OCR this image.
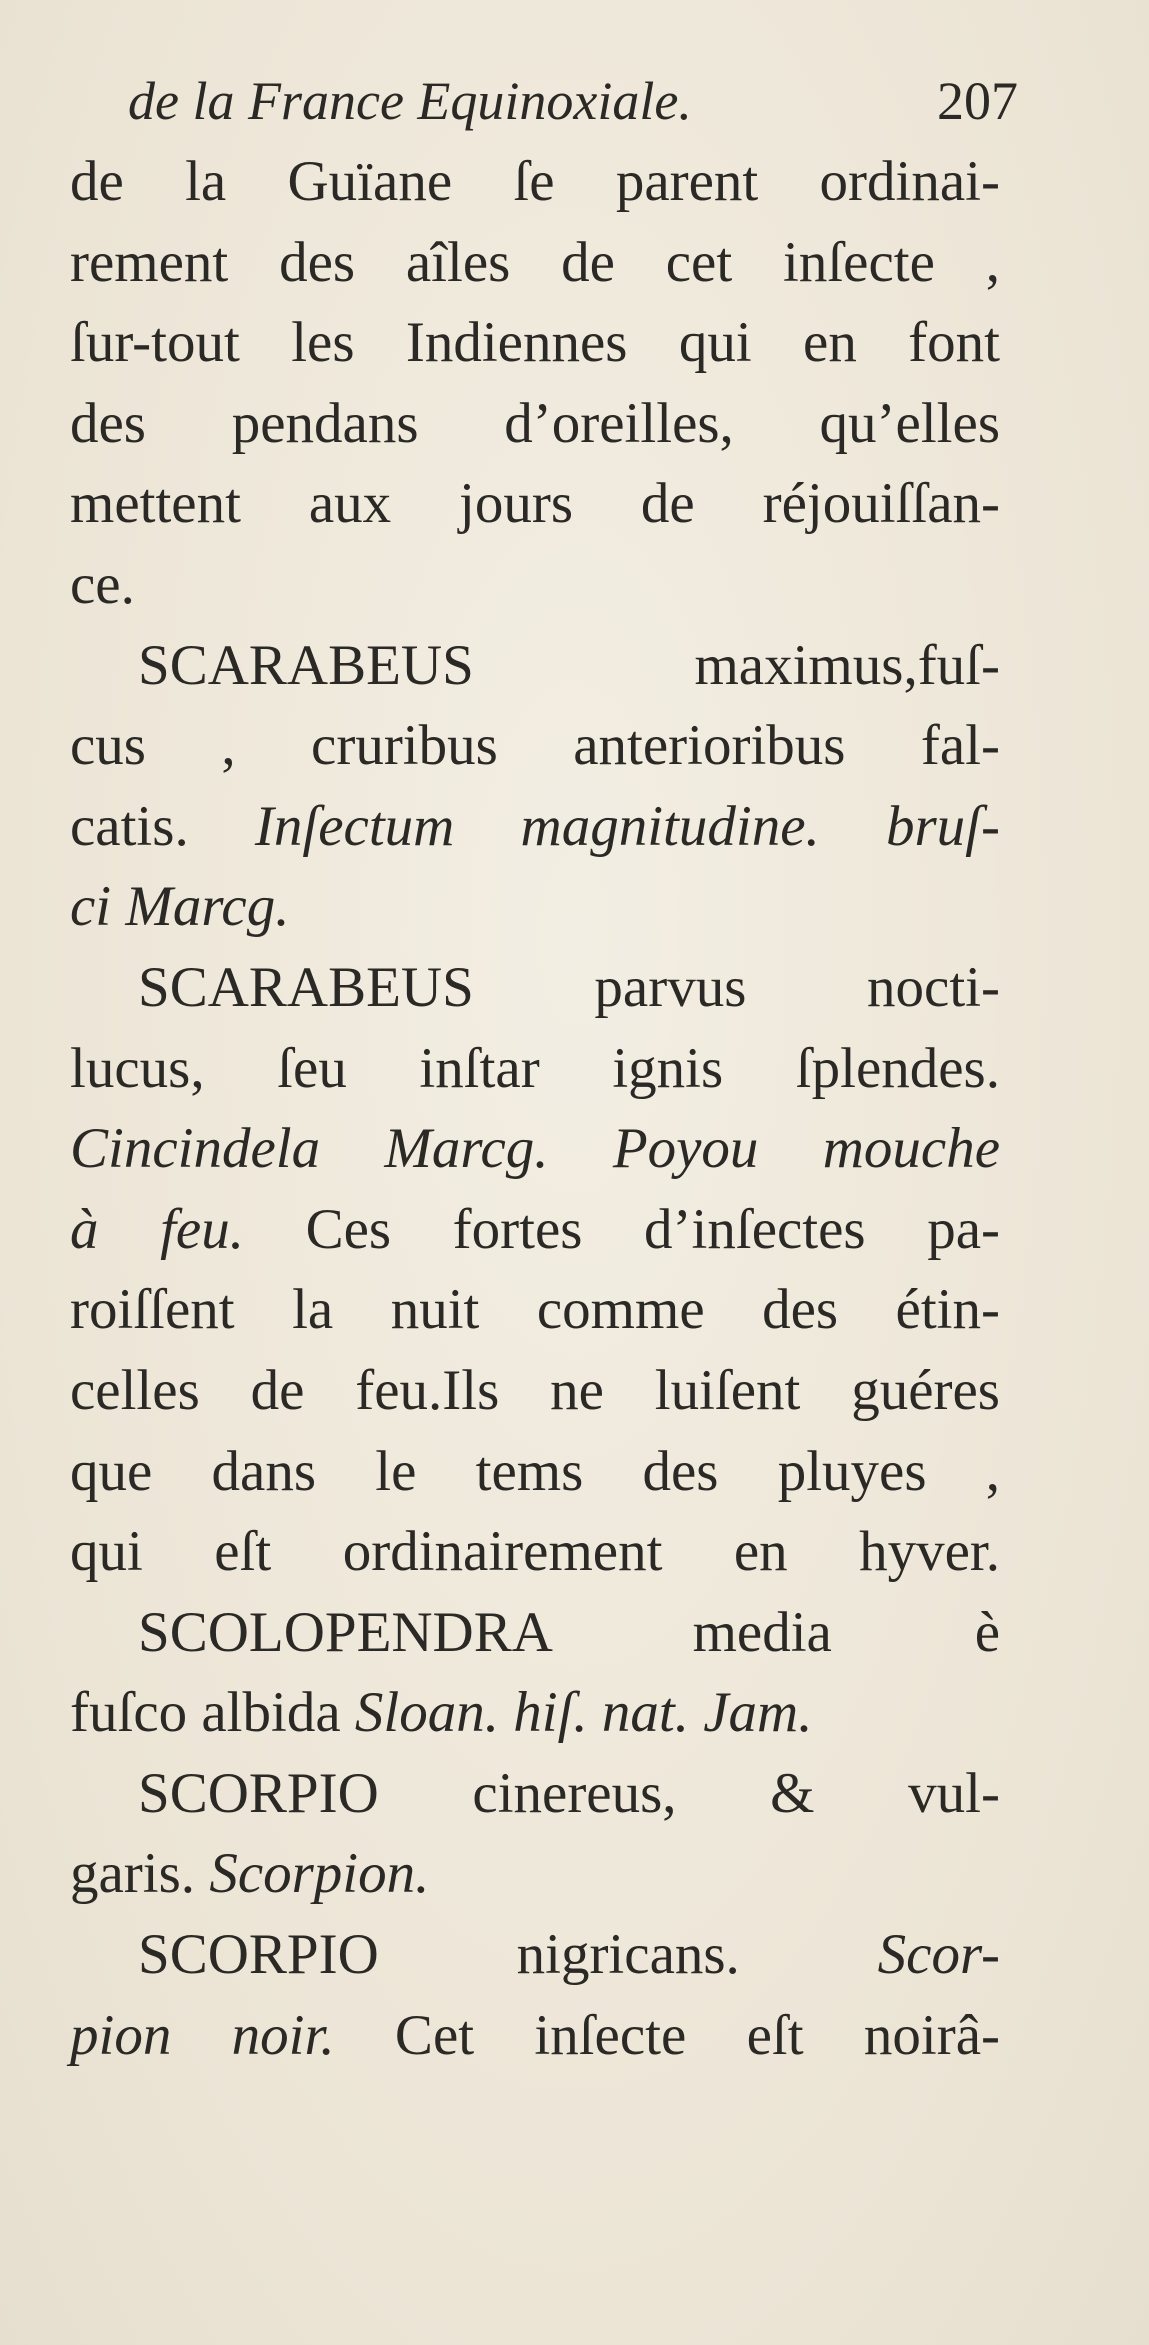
de la France Equinoxiale.	207
de la Guïane ſe parent ordinai-
rement des aîles de cet inſecte ,
ſur-tout les Indiennes qui en font
des pendans d’oreilles, qu’elles
mettent aux jours de réjouiſſan-
ce.
SCARABEUS maximus,fuſ-
cus , cruribus anterioribus fal-
catis. Inſectum magnitudine. bruſ-
ci Marcg.
SCARABEUS parvus nocti-
lucus, ſeu inſtar ignis ſplendes.
Cincindela Marcg. Poyou mouche
à feu. Ces fortes d’inſectes pa-
roiſſent la nuit comme des étin-
celles de feu.Ils ne luiſent guéres
que dans le tems des pluyes ,
qui eſt ordinairement en hyver.
SCOLOPENDRA media è
fuſco albida Sloan. hiſ. nat. Jam.
SCORPIO cinereus, & vul-
garis. Scorpion.
SCORPIO nigricans. Scor-
pion noir. Cet inſecte eſt noirâ-
